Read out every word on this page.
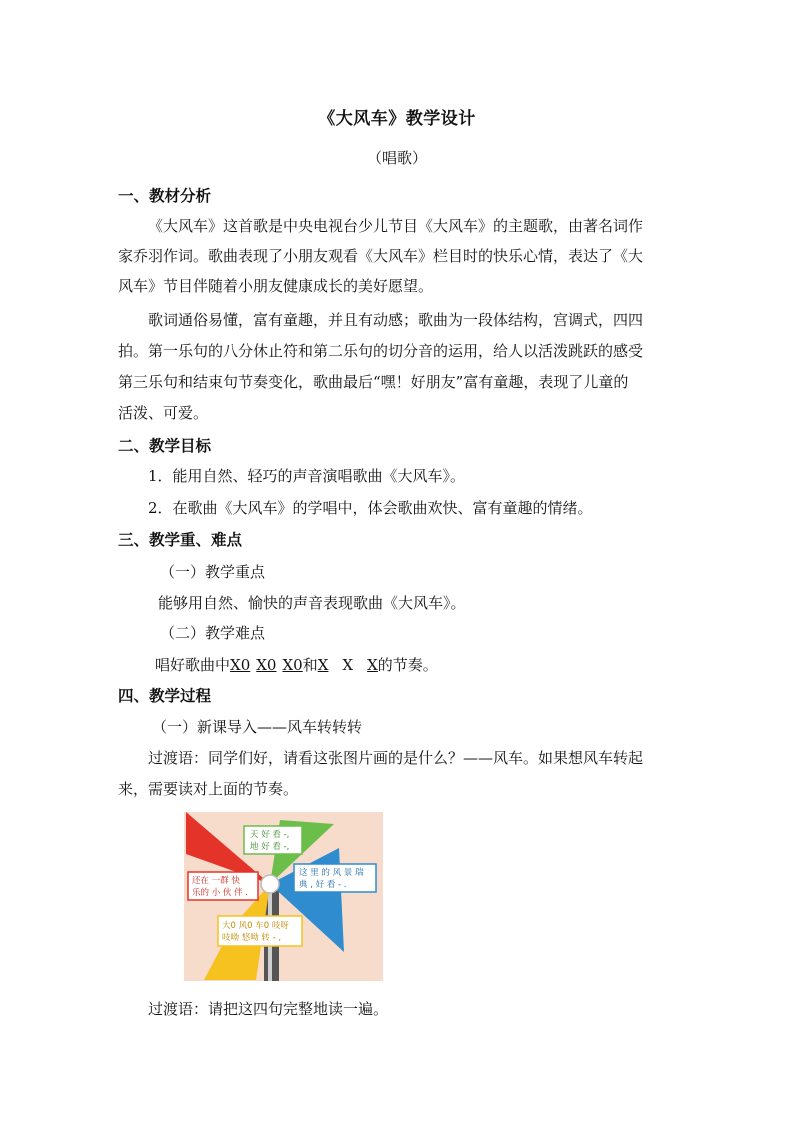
《大风车》教学设计
（唱歌）
一、教材分析
《大风车》这首歌是中央电视台少儿节目《大风车》的主题歌，由著名词作
家乔羽作词。歌曲表现了小朋友观看《大风车》栏目时的快乐心情，表达了《大
风车》节目伴随着小朋友健康成长的美好愿望。
歌词通俗易懂，富有童趣，并且有动感；歌曲为一段体结构，宫调式，四四
拍。第一乐句的八分休止符和第二乐句的切分音的运用，给人以活泼跳跃的感受
第三乐句和结束句节奏变化，歌曲最后“嘿！好朋友”富有童趣，表现了儿童的
活泼、可爱。
二、教学目标
1．能用自然、轻巧的声音演唱歌曲《大风车》。
2．在歌曲《大风车》的学唱中，体会歌曲欢快、富有童趣的情绪。
三、教学重、难点
（一）教学重点
能够用自然、愉快的声音表现歌曲《大风车》。
（二）教学难点
唱好歌曲中X0 X0 X0和X X X的节奏。
四、教学过程
（一）新课导入——风车转转转
过渡语：同学们好，请看这张图片画的是什么？——风车。如果想风车转起
来，需要读对上面的节奏。
天 好 看 -,
地 好 看 -,
这 里 的 风 景 瑞
典 , 好 看 - .
还在 一群 快
乐的 小 伙 伴 .
大0 风0 车0 吱呀
吱呦 悠呦 转 - ,
过渡语：请把这四句完整地读一遍。
